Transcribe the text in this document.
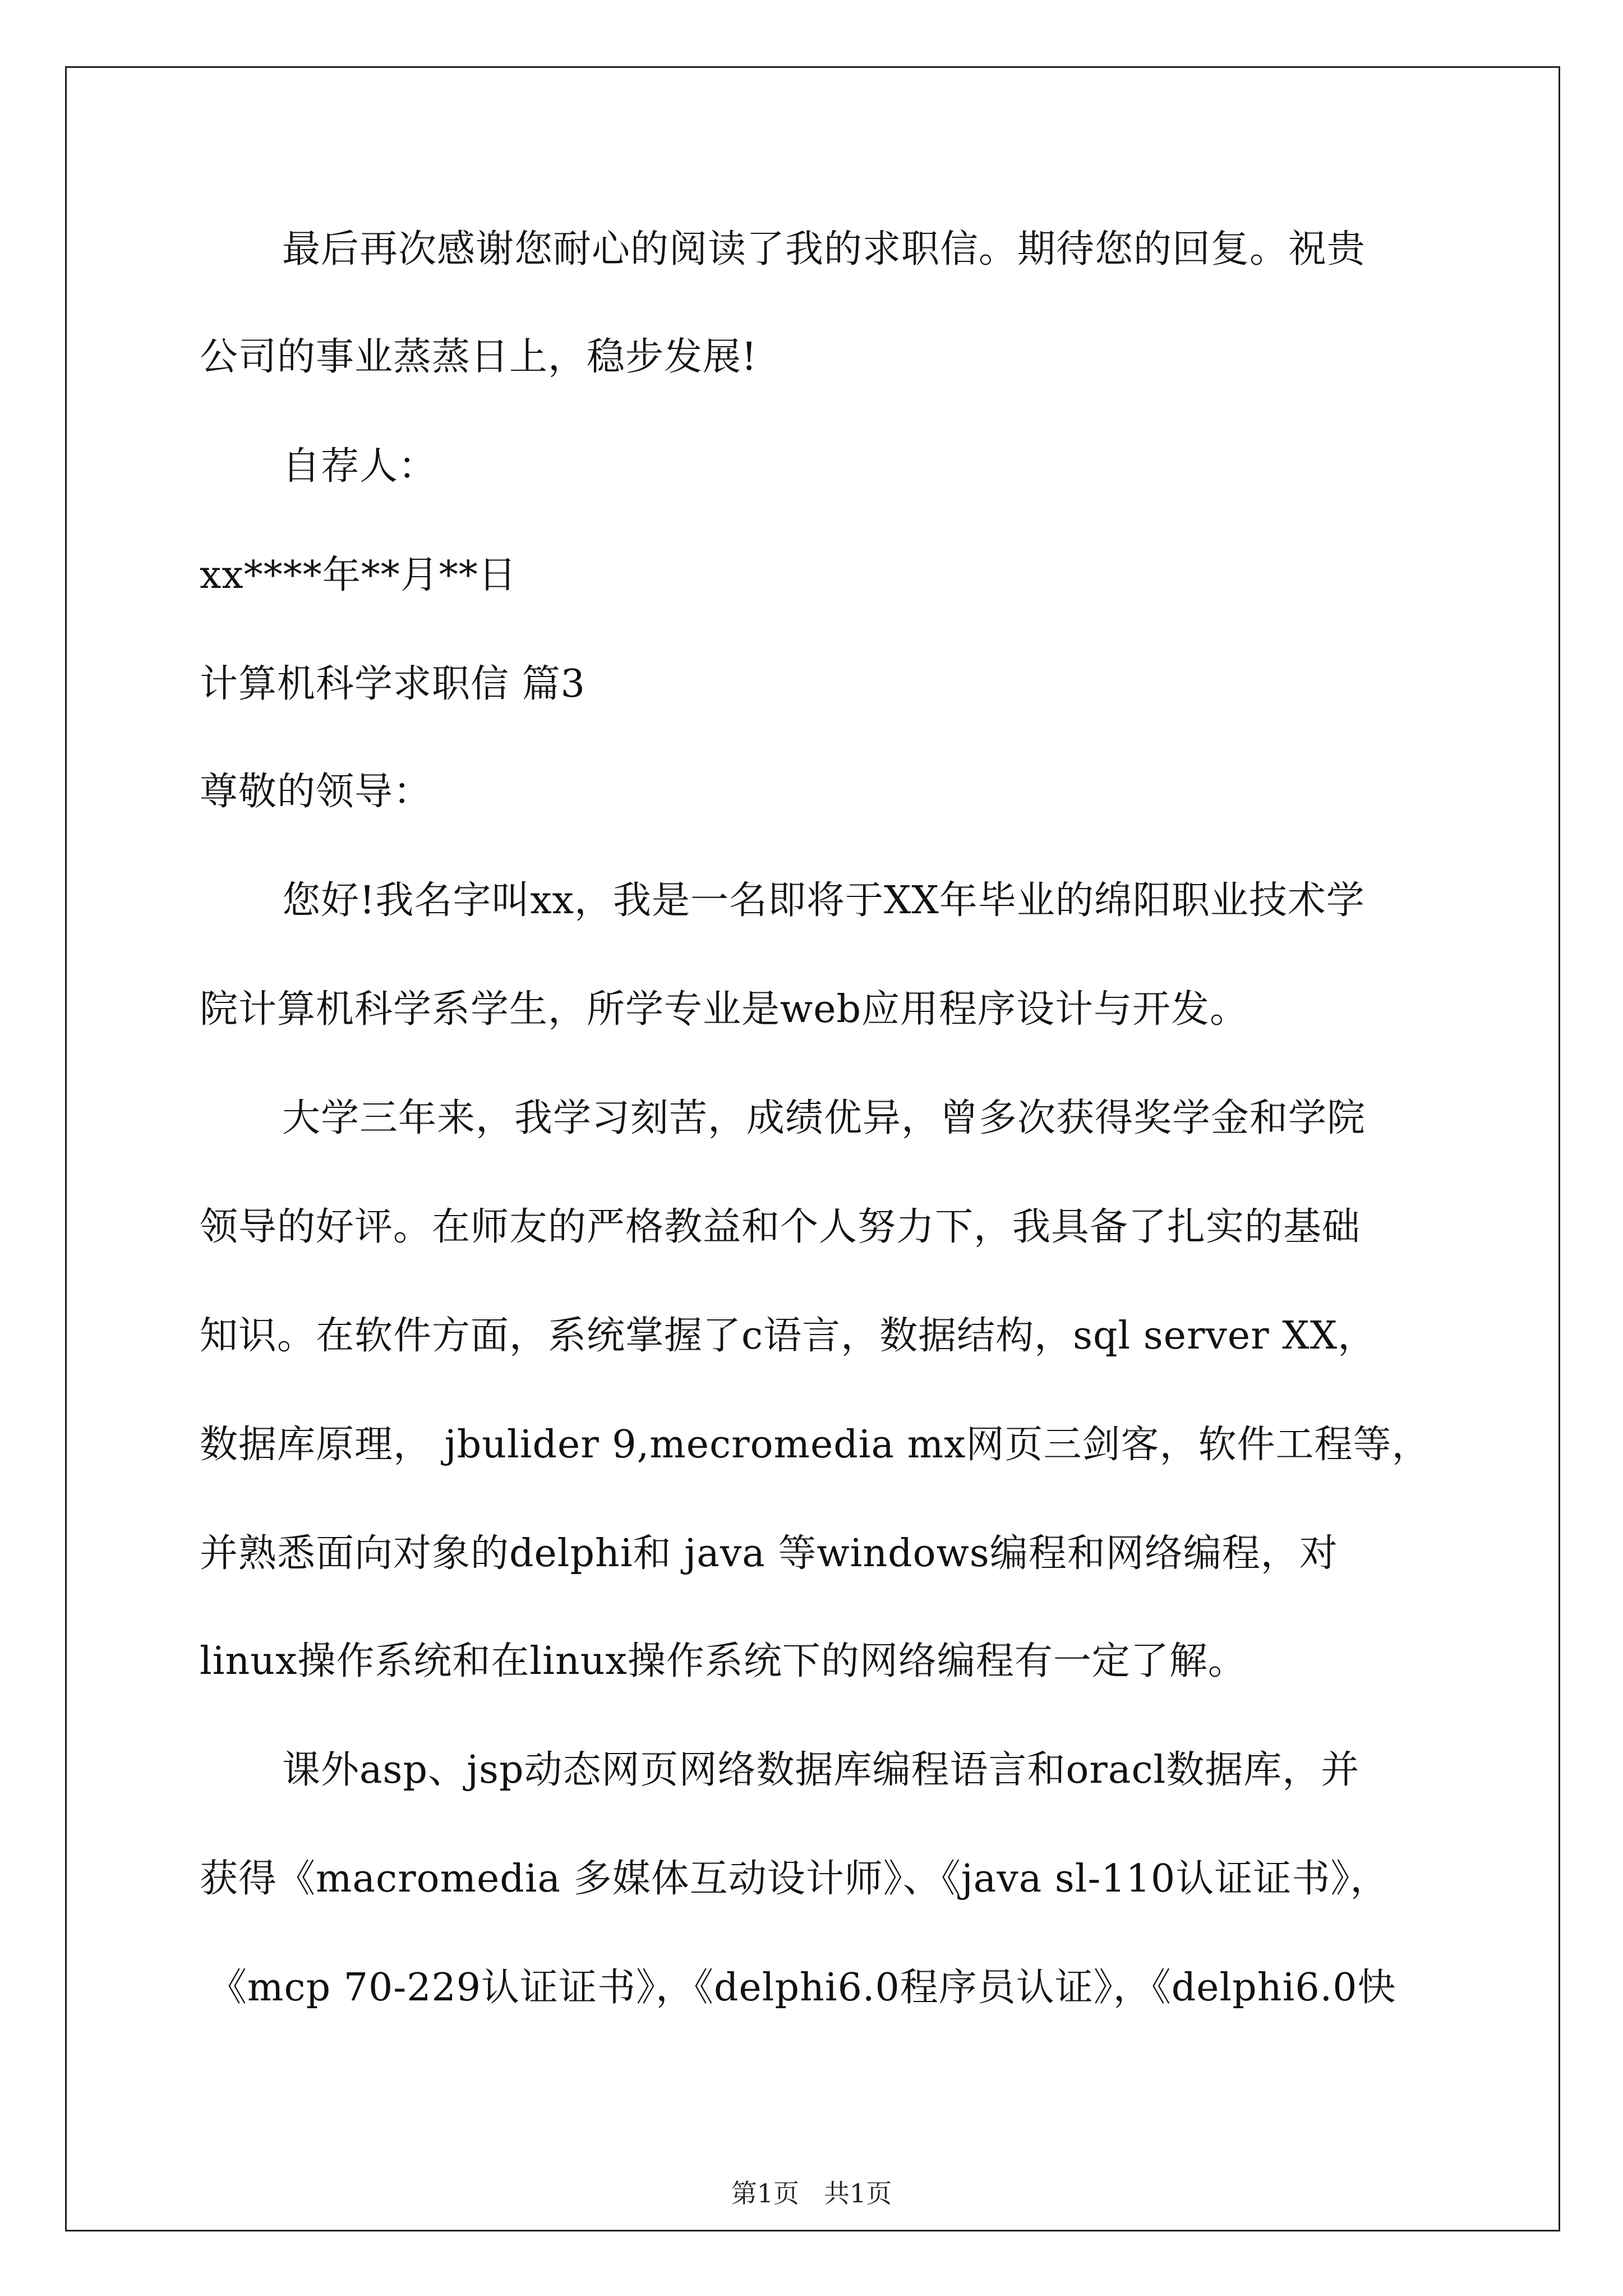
最后再次感谢您耐心的阅读了我的求职信。期待您的回复。祝贵
公司的事业蒸蒸日上，稳步发展!
自荐人：
xx****年**月**日
计算机科学求职信 篇3
尊敬的领导：
您好!我名字叫xx，我是一名即将于XX年毕业的绵阳职业技术学
院计算机科学系学生，所学专业是web应用程序设计与开发。
大学三年来，我学习刻苦，成绩优异，曾多次获得奖学金和学院
领导的好评。在师友的严格教益和个人努力下，我具备了扎实的基础
知识。在软件方面，系统掌握了c语言，数据结构，sql server XX，
数据库原理， jbulider 9,mecromedia mx网页三剑客，软件工程等，
并熟悉面向对象的delphi和 java 等windows编程和网络编程，对
linux操作系统和在linux操作系统下的网络编程有一定了解。
课外asp、jsp动态网页网络数据库编程语言和oracl数据库，并
获得《macromedia 多媒体互动设计师》、《java sl-110认证证书》，
《mcp 70-229认证证书》，《delphi6.0程序员认证》，《delphi6.0快
第1页 共1页
